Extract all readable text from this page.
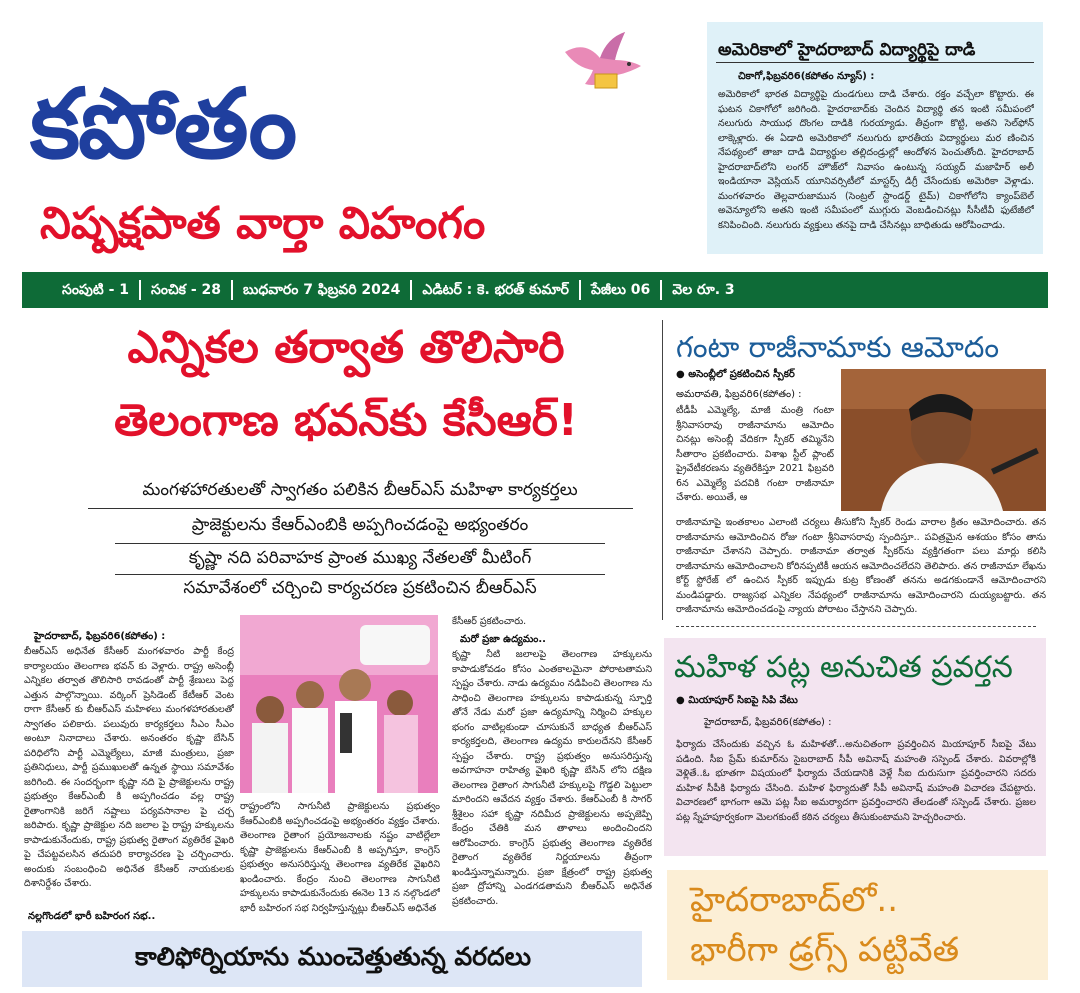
కపోతం
నిష్పక్షపాత వార్తా విహంగం
అమెరికాలో హైదరాబాద్ విద్యార్థిపై దాడి
చికాగో,ఫిబ్రవరి6(కపోతం న్యూస్) :
అమెరికాలో భారత విద్యార్థిపై దుండగులు దాడి చేశారు. రక్తం వచ్చేలా కొట్టారు. ఈ ఘటన చికాగోలో జరిగింది. హైదరాబాద్‌కు చెందిన విద్యార్థి తన ఇంటి సమీపంలో నలుగురు సాయుధ దొంగల దాడికి గురయ్యాడు. తీవ్రంగా కొట్టి, అతని సెల్‌ఫోన్ లాక్కెళ్లారు. ఈ ఏడాది అమెరికాలో నలుగురు భారతీయ విద్యార్థులు మర ణించిన నేపథ్యంలో తాజా దాడి విద్యార్థుల తల్లిదండ్రుల్లో ఆందోళన పెంచుతోంది. హైదరాబాద్ హైదరాబాద్‌లోని లంగర్ హౌజ్‌లో నివాసం ఉంటున్న సయ్యద్ మజాహిర్ అలీ ఇండియానా వెస్లియన్ యూనివర్సిటీలో మాస్టర్స్ డిగ్రీ చేసేందుకు అమెరికా వెళ్లాడు. మంగళవారం తెల్లవారుజామున (సెంట్రల్ స్టాండర్డ్ టైమ్) చికాగోలోని క్యాంప్‌బెల్ అవెన్యూలోని అతని ఇంటి సమీపంలో ముగ్గురు వెంబడించినట్లు సీసీటీవీ ఫుటేజీలో కనిపించింది. నలుగురు వ్యక్తులు తనపై దాడి చేసినట్లు బాధితుడు ఆరోపించాడు.
సంపుటి - 1	సంచిక - 28	బుధవారం 7 ఫిబ్రవరి 2024	ఎడిటర్ : కె. భరత్ కుమార్	పేజీలు 06	వెల రూ. 3
ఎన్నికల తర్వాత తొలిసారి
తెలంగాణ భవన్‌కు కేసీఆర్!
మంగళహారతులతో స్వాగతం పలికిన బీఆర్ఎస్ మహిళా కార్యకర్తలు
ప్రాజెక్టులను కేఆర్ఎంబికి అప్పగించడంపై అభ్యంతరం
కృష్ణా నది పరివాహక ప్రాంత ముఖ్య నేతలతో మీటింగ్
సమావేశంలో చర్చించి కార్యచరణ ప్రకటించిన బీఆర్ఎస్
హైదరాబాద్, ఫిబ్రవరి6(కపోతం) :
బీఆర్ఎస్ అధినేత కేసీఆర్ మంగళవారం పార్టీ కేంద్ర కార్యాలయం తెలంగాణ భవన్ కు వెళ్లారు. రాష్ట్ర అసెంబ్లీ ఎన్నికల తర్వాత తొలిసారి రావడంతో పార్టీ శ్రేణులు పెద్ద ఎత్తున పాల్గొన్నాయి. వర్కింగ్ ప్రెసిడెంట్ కేటీఆర్ వెంట రాగా కేసీఆర్ కు బీఆర్ఎస్ మహిళలు మంగళహారతులతో స్వాగతం పలికారు. పలువురు కార్యకర్తలు సీఎం సీఎం అంటూ నినాదాలు చేశారు. అనంతరం కృష్ణా బేసిన్ పరిధిలోని పార్టీ ఎమ్మెల్యేలు, మాజీ మంత్రులు, ప్రజా ప్రతినిధులు, పార్టీ ప్రముఖులతో ఉన్నత స్థాయి సమావేశం జరిగింది. ఈ సందర్భంగా కృష్ణా నది పై ప్రాజెక్టులను రాష్ట్ర ప్రభుత్వం కేఆర్ఎంబీ కి అప్పగించడం వల్ల రాష్ట్ర రైతాంగానికి జరిగే నష్టాలు పర్యవసానాల పై చర్చ జరిపారు. కృష్ణా ప్రాజెక్టుల నది జలాల పై రాష్ట్ర హక్కులను కాపాడుకునేందుకు, రాష్ట్ర ప్రభుత్వ రైతాంగ వ్యతిరేక వైఖరి పై చేపట్టవలసిన తదుపరి కార్యాచరణ పై చర్చించారు. అందుకు సంబంధించి అధినేత కేసీఆర్ నాయకులకు దిశానిర్దేశం చేశారు.
నల్లగొండలో భారీ బహిరంగ సభ..
రాష్ట్రంలోని సాగునీటి ప్రాజెక్టులను ప్రభుత్వం కేఆర్ఎంబికి అప్పగించడంపై అభ్యంతరం వ్యక్తం చేశారు. తెలంగాణ రైతాంగ ప్రయోజనాలకు నష్టం వాటిల్లేలా కృష్ణా ప్రాజెక్టులను కేఆర్ఎంబీ కి అప్పగిస్తూ, కాంగ్రెస్ ప్రభుత్వం అనుసరిస్తున్న తెలంగాణ వ్యతిరేక వైఖరిని ఖండించారు. కేంద్రం నుంచి తెలంగాణ సాగునీటి హక్కులను కాపాడుకునేందుకు ఈనెల 13 న నల్గొండలో భారీ బహిరంగ సభ నిర్వహిస్తున్నట్లు బీఆర్ఎస్ అధినేత
కేసీఆర్ ప్రకటించారు.
మరో ప్రజా ఉద్యమం..
కృష్ణా నీటి జలాలపై తెలంగాణ హక్కులను కాపాడుకోవడం కోసం ఎంతకాలమైనా పోరాటతామని స్పష్టం చేశారు. నాడు ఉద్యమం నడిపించి తెలంగాణ ను సాధించి తెలంగాణ హక్కులను కాపాడుకున్న స్ఫూర్తి తోనే నేడు మరో ప్రజా ఉద్యమాన్ని నిర్మించి హక్కుల భంగం వాటిల్లకుండా చూసుకునే బాధ్యత బీఆర్ఎస్ కార్యకర్తలది, తెలంగాణ ఉద్యమ కారులదేనని కేసీఆర్ స్పష్టం చేశారు. రాష్ట్ర ప్రభుత్వం అనుసరిస్తున్న అవగాహనా రాహిత్య వైఖరి కృష్ణా బేసిన్ లోని దక్షిణ తెలంగాణ రైతాంగ సాగునీటి హక్కులపై గొడ్డలి పెట్టులా మారిందని ఆవేదన వ్యక్తం చేశారు. కేఆర్ఎంబీ కి సాగర్ శ్రీశైలం సహా కృష్ణా నదిమీద ప్రాజెక్టులను అప్పజెప్పి కేంద్రం చేతికి మన తాళాలు అందించిందని ఆరోపించారు. కాంగ్రెస్ ప్రభుత్వ తెలంగాణ వ్యతిరేక రైతాంగ వ్యతిరేక నిర్ణయాలను తీవ్రంగా ఖండిస్తున్నామన్నారు. ప్రజా క్షేత్రంలో రాష్ట్ర ప్రభుత్వ ప్రజా ద్రోహాన్ని ఎండగడతామని బీఆర్ఎస్ అధినేత ప్రకటించారు.
గంటా రాజీనామాకు ఆమోదం
● అసెంబ్లీలో ప్రకటించిన స్పీకర్
అమరావతి, ఫిబ్రవరి6(కపోతం) :
టీడీపీ ఎమ్మెల్యే, మాజీ మంత్రి గంటా శ్రీనివాసరావు రాజీనామాను ఆమోదిం చినట్లు అసెంబ్లీ వేదికగా స్పీకర్ తమ్మినేని సీతారాం ప్రకటించారు. విశాఖ స్టీల్ ప్లాంట్ ప్రైవేటీకరణను వ్యతిరేకిస్తూ 2021 ఫిబ్రవరి 6న ఎమ్మెల్యే పదవికి గంటా రాజీనామా చేశారు. అయితే, ఆ
రాజీనామాపై ఇంతకాలం ఎలాంటి చర్యలు తీసుకోని స్పీకర్ రెండు వారాల క్రితం ఆమోదించారు. తన రాజీనామాను ఆమోదించిన రోజు గంటా శ్రీనివాసరావు స్పందిస్తూ.. పవిత్రమైన ఆశయం కోసం తాను రాజీనామా చేశానని చెప్పారు. రాజీనామా తర్వాత స్పీకర్‌ను వ్యక్తిగతంగా పలు మార్లు కలిసి రాజీనామాను ఆమోదించాలని కోరినప్పటికీ ఆయన ఆమోదించలేదని తెలిపారు. తన రాజీనామా లేఖను కోర్ట్ స్టోరేజ్ లో ఉంచిన స్పీకర్ ఇప్పుడు కుట్ర కోణంతో తనను అడగకుండానే ఆమోదించారని మండిపడ్డారు. రాజ్యసభ ఎన్నికల నేపథ్యంలో రాజీనామాను ఆమోదించారని దుయ్యబట్టారు. తన రాజీనామాను ఆమోదించడంపై న్యాయ పోరాటం చేస్తానని చెప్పారు.
మహిళ పట్ల అనుచిత ప్రవర్తన
● మియాపూర్ సిఐపై సిపి వేటు
హైదరాబాద్, ఫిబ్రవరి6(కపోతం) :
ఫిర్యాదు చేసేందుకు వచ్చిన ఓ మహిళతో...అనుచితంగా ప్రవర్తించిన మియాపూర్ సీఐపై వేటు పడింది. సీఐ ప్రేమ్ కుమార్‌ను సైబరాబాద్ సీపీ అవినాష్ మహంతి సస్పెండ్ చేశారు. వివరాల్లోకి వెళ్లితే..ఓ భూతగా విషయంలో ఫిర్యాదు చేయడానికి వెళ్లే సీఐ దురుసుగా ప్రవర్తించారని సదరు మహిళ సీపీకి ఫిర్యాదు చేసింది. మహిళ ఫిర్యాదుతో సీపీ అవినాష్ మహంతి విచారణ చేపట్టారు. విచారణలో భాగంగా ఆమె పట్ల సీఐ అమర్యాదగా ప్రవర్తించారని తేలడంతో సస్పెండ్ చేశారు. ప్రజల పట్ల స్నేహపూర్వకంగా మెలగకుంటే కఠిన చర్యలు తీసుకుంటామని హెచ్చరించారు.
హైదరాబాద్‌లో..
భారీగా డ్రగ్స్ పట్టివేత
కాలిఫోర్నియాను ముంచెత్తుతున్న వరదలు
